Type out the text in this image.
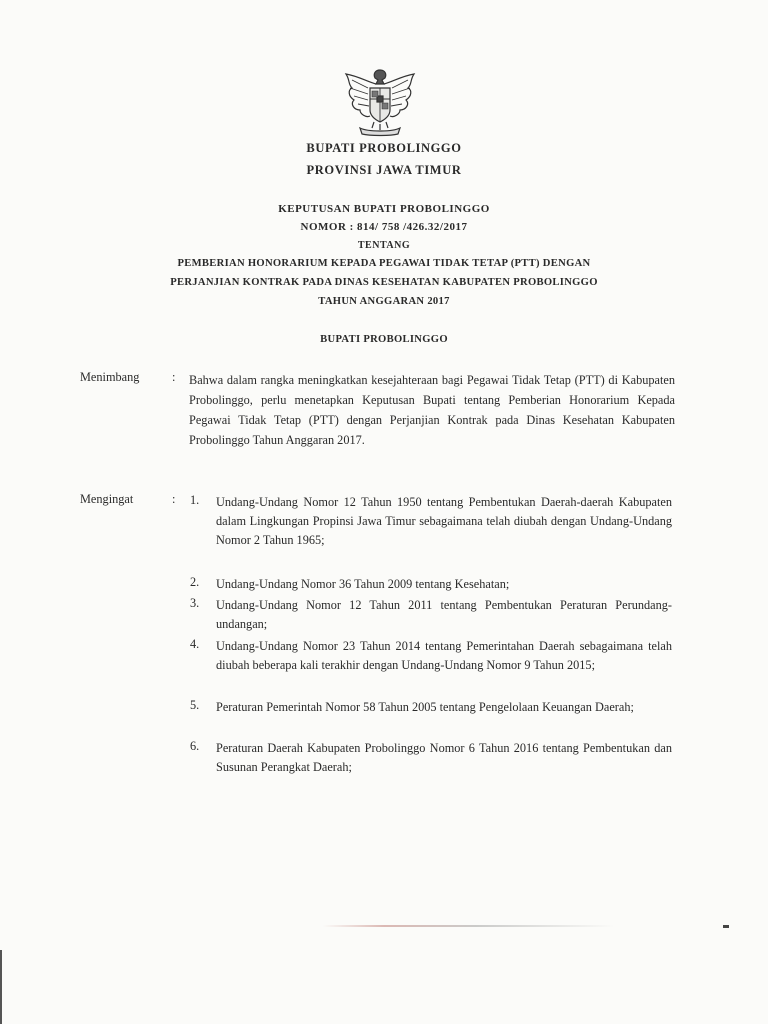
BUPATI PROBOLINGGO
PROVINSI JAWA TIMUR
KEPUTUSAN BUPATI PROBOLINGGO
NOMOR : 814/ 758 /426.32/2017
TENTANG
PEMBERIAN HONORARIUM KEPADA PEGAWAI TIDAK TETAP (PTT) DENGAN
PERJANJIAN KONTRAK PADA DINAS KESEHATAN KABUPATEN PROBOLINGGO
TAHUN ANGGARAN 2017
BUPATI PROBOLINGGO
Menimbang	: Bahwa dalam rangka meningkatkan kesejahteraan bagi Pegawai Tidak Tetap (PTT) di Kabupaten Probolinggo, perlu menetapkan Keputusan Bupati tentang Pemberian Honorarium Kepada Pegawai Tidak Tetap (PTT) dengan Perjanjian Kontrak pada Dinas Kesehatan Kabupaten Probolinggo Tahun Anggaran 2017.
Mengingat	: 1. Undang-Undang Nomor 12 Tahun 1950 tentang Pembentukan Daerah-daerah Kabupaten dalam Lingkungan Propinsi Jawa Timur sebagaimana telah diubah dengan Undang-Undang Nomor 2 Tahun 1965;
2. Undang-Undang Nomor 36 Tahun 2009 tentang Kesehatan;
3. Undang-Undang Nomor 12 Tahun 2011 tentang Pembentukan Peraturan Perundang-undangan;
4. Undang-Undang Nomor 23 Tahun 2014 tentang Pemerintahan Daerah sebagaimana telah diubah beberapa kali terakhir dengan Undang-Undang Nomor 9 Tahun 2015;
5. Peraturan Pemerintah Nomor 58 Tahun 2005 tentang Pengelolaan Keuangan Daerah;
6. Peraturan Daerah Kabupaten Probolinggo Nomor 6 Tahun 2016 tentang Pembentukan dan Susunan Perangkat Daerah;
